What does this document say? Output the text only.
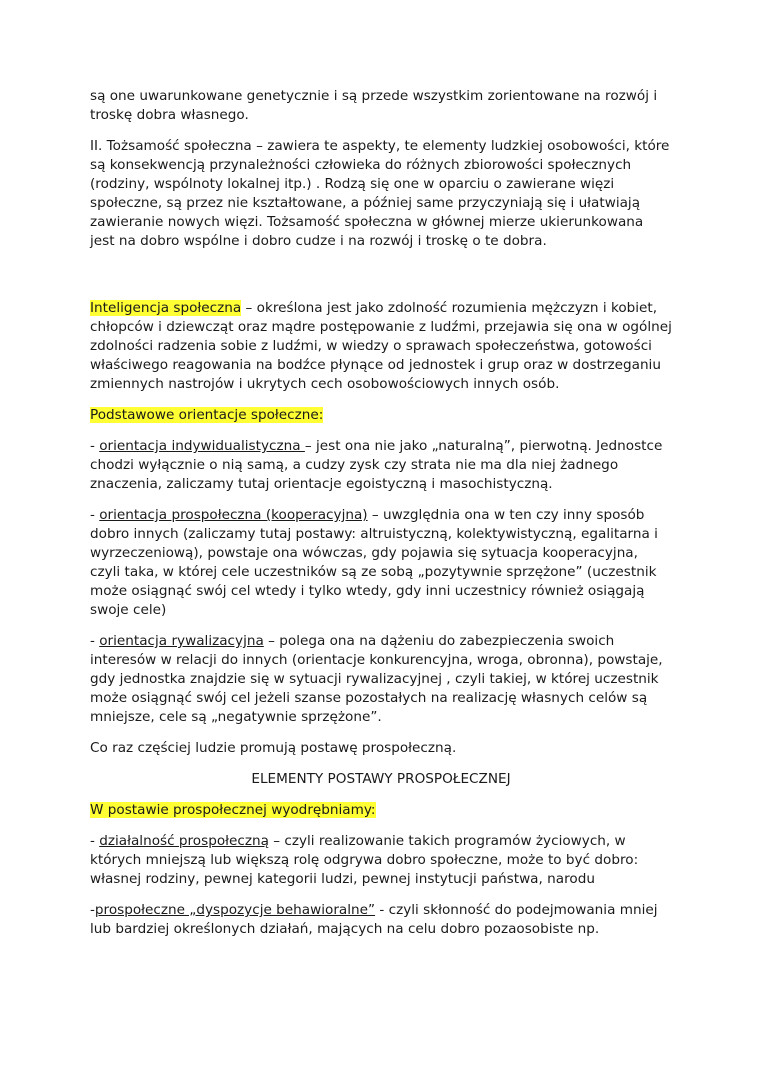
są one uwarunkowane genetycznie i są przede wszystkim zorientowane na rozwój i troskę dobra własnego.

II. Tożsamość społeczna – zawiera te aspekty, te elementy ludzkiej osobowości, które są konsekwencją przynależności człowieka do różnych zbiorowości społecznych (rodziny, wspólnoty lokalnej itp.) . Rodzą się one w oparciu o zawierane więzi społeczne, są przez nie kształtowane, a później same przyczyniają się i ułatwiają zawieranie nowych więzi. Tożsamość społeczna w głównej mierze ukierunkowana jest na dobro wspólne i dobro cudze i na rozwój i troskę o te dobra.

Inteligencja społeczna – określona jest jako zdolność rozumienia mężczyzn i kobiet, chłopców i dziewcząt oraz mądre postępowanie z ludźmi, przejawia się ona w ogólnej zdolności radzenia sobie z ludźmi, w wiedzy o sprawach społeczeństwa, gotowości właściwego reagowania na bodźce płynące od jednostek i grup oraz w dostrzeganiu zmiennych nastrojów i ukrytych cech osobowościowych innych osób.

Podstawowe orientacje społeczne:

- orientacja indywidualistyczna – jest ona nie jako „naturalną”, pierwotną. Jednostce chodzi wyłącznie o nią samą, a cudzy zysk czy strata nie ma dla niej żadnego znaczenia, zaliczamy tutaj orientacje egoistyczną i masochistyczną.

- orientacja prospołeczna (kooperacyjna) – uwzględnia ona w ten czy inny sposób dobro innych (zaliczamy tutaj postawy: altruistyczną, kolektywistyczną, egalitarna i wyrzeczeniową), powstaje ona wówczas, gdy pojawia się sytuacja kooperacyjna, czyli taka, w której cele uczestników są ze sobą „pozytywnie sprzężone” (uczestnik może osiągnąć swój cel wtedy i tylko wtedy, gdy inni uczestnicy również osiągają swoje cele)

- orientacja rywalizacyjna – polega ona na dążeniu do zabezpieczenia swoich interesów w relacji do innych (orientacje konkurencyjna, wroga, obronna), powstaje, gdy jednostka znajdzie się w sytuacji rywalizacyjnej , czyli takiej, w której uczestnik może osiągnąć swój cel jeżeli szanse pozostałych na realizację własnych celów są mniejsze, cele są „negatywnie sprzężone”.

Co raz częściej ludzie promują postawę prospołeczną.

ELEMENTY POSTAWY PROSPOŁECZNEJ

W postawie prospołecznej wyodrębniamy:

- działalność prospołeczną – czyli realizowanie takich programów życiowych, w których mniejszą lub większą rolę odgrywa dobro społeczne, może to być dobro: własnej rodziny, pewnej kategorii ludzi, pewnej instytucji państwa, narodu

-prospołeczne „dyspozycje behawioralne” - czyli skłonność do podejmowania mniej lub bardziej określonych działań, mających na celu dobro pozaosobiste np.
